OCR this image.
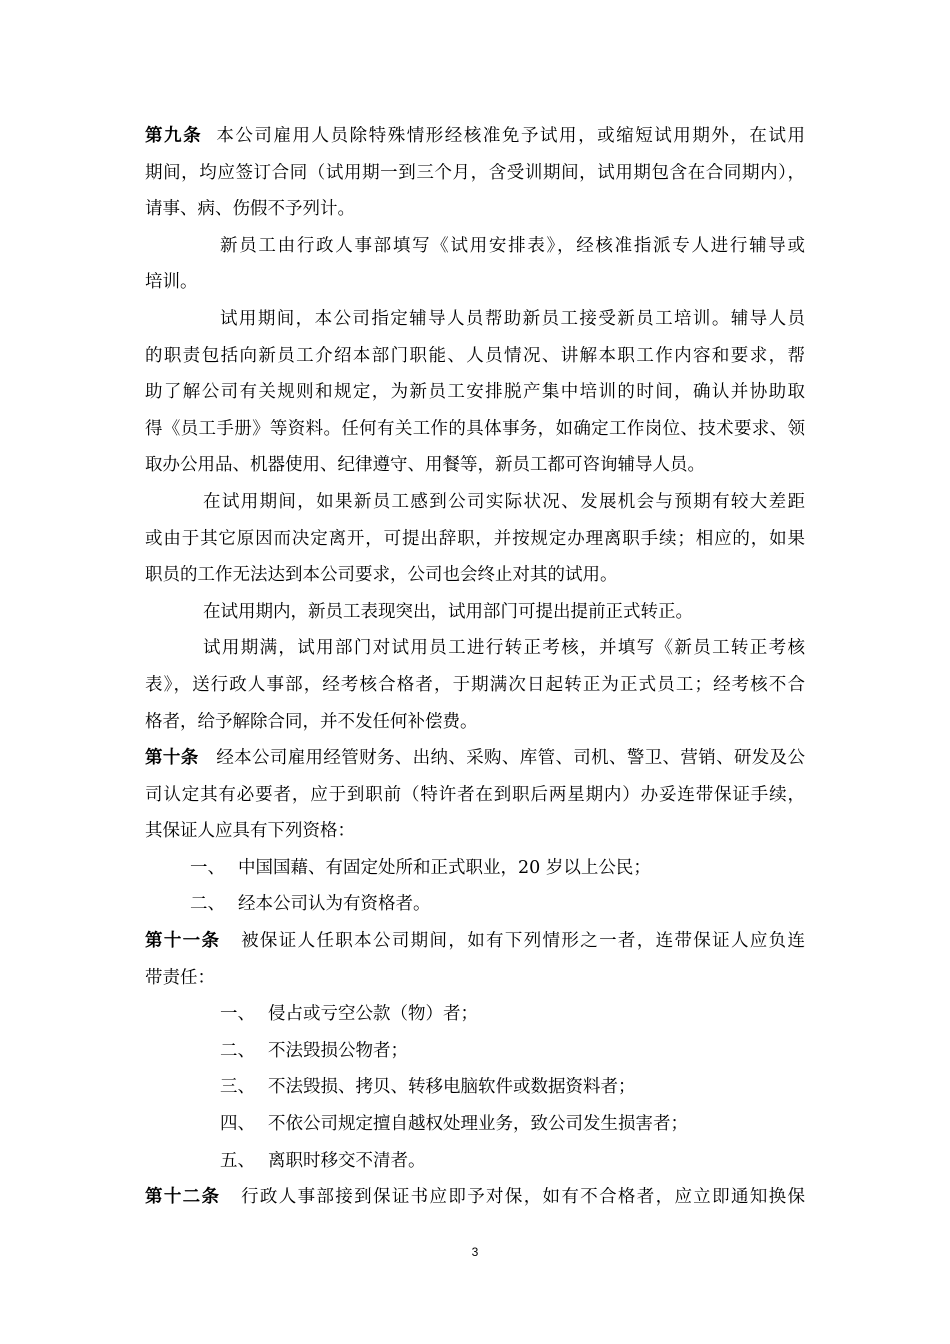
第九条 本公司雇用人员除特殊情形经核准免予试用，或缩短试用期外，在试用
期间，均应签订合同（试用期一到三个月，含受训期间，试用期包含在合同期内），
请事、病、伤假不予列计。
新员工由行政人事部填写《试用安排表》，经核准指派专人进行辅导或
培训。
试用期间，本公司指定辅导人员帮助新员工接受新员工培训。辅导人员
的职责包括向新员工介绍本部门职能、人员情况、讲解本职工作内容和要求，帮
助了解公司有关规则和规定，为新员工安排脱产集中培训的时间，确认并协助取
得《员工手册》等资料。任何有关工作的具体事务，如确定工作岗位、技术要求、领
取办公用品、机器使用、纪律遵守、用餐等，新员工都可咨询辅导人员。
在试用期间，如果新员工感到公司实际状况、发展机会与预期有较大差距
或由于其它原因而决定离开，可提出辞职，并按规定办理离职手续；相应的，如果
职员的工作无法达到本公司要求，公司也会终止对其的试用。
在试用期内，新员工表现突出，试用部门可提出提前正式转正。
试用期满，试用部门对试用员工进行转正考核，并填写《新员工转正考核
表》，送行政人事部，经考核合格者，于期满次日起转正为正式员工；经考核不合
格者，给予解除合同，并不发任何补偿费。
第十条 经本公司雇用经管财务、出纳、采购、库管、司机、警卫、营销、研发及公
司认定其有必要者，应于到职前（特许者在到职后两星期内）办妥连带保证手续，
其保证人应具有下列资格：
一、 中国国藉、有固定处所和正式职业，20 岁以上公民；
二、 经本公司认为有资格者。
第十一条 被保证人任职本公司期间，如有下列情形之一者，连带保证人应负连
带责任：
一、 侵占或亏空公款（物）者；
二、 不法毁损公物者；
三、 不法毁损、拷贝、转移电脑软件或数据资料者；
四、 不依公司规定擅自越权处理业务，致公司发生损害者；
五、 离职时移交不清者。
第十二条 行政人事部接到保证书应即予对保，如有不合格者，应立即通知换保
3
